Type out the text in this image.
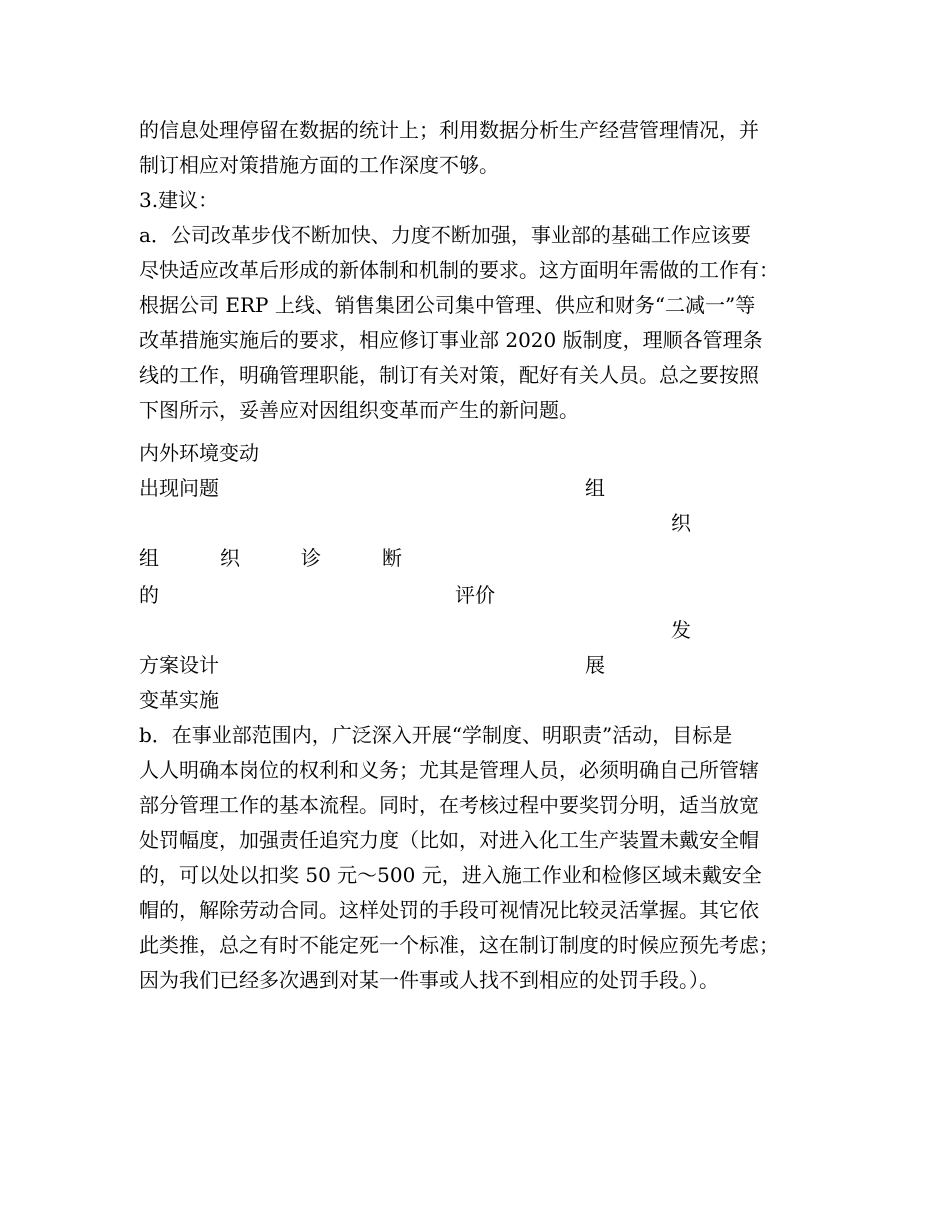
的信息处理停留在数据的统计上；利用数据分析生产经营管理情况，并
制订相应对策措施方面的工作深度不够。
3.建议：
a．公司改革步伐不断加快、力度不断加强，事业部的基础工作应该要
尽快适应改革后形成的新体制和机制的要求。这方面明年需做的工作有：
根据公司 ERP 上线、销售集团公司集中管理、供应和财务“二减一”等
改革措施实施后的要求，相应修订事业部 2020 版制度，理顺各管理条
线的工作，明确管理职能，制订有关对策，配好有关人员。总之要按照
下图所示，妥善应对因组织变革而产生的新问题。
内外环境变动
出现问题	组
织
组	织	诊	断
的	评价
发
方案设计	展
变革实施
b．在事业部范围内，广泛深入开展“学制度、明职责”活动，目标是
人人明确本岗位的权利和义务；尤其是管理人员，必须明确自己所管辖
部分管理工作的基本流程。同时，在考核过程中要奖罚分明，适当放宽
处罚幅度，加强责任追究力度（比如，对进入化工生产装置未戴安全帽
的，可以处以扣奖 50 元～500 元，进入施工作业和检修区域未戴安全
帽的，解除劳动合同。这样处罚的手段可视情况比较灵活掌握。其它依
此类推，总之有时不能定死一个标准，这在制订制度的时候应预先考虑；
因为我们已经多次遇到对某一件事或人找不到相应的处罚手段。）。
